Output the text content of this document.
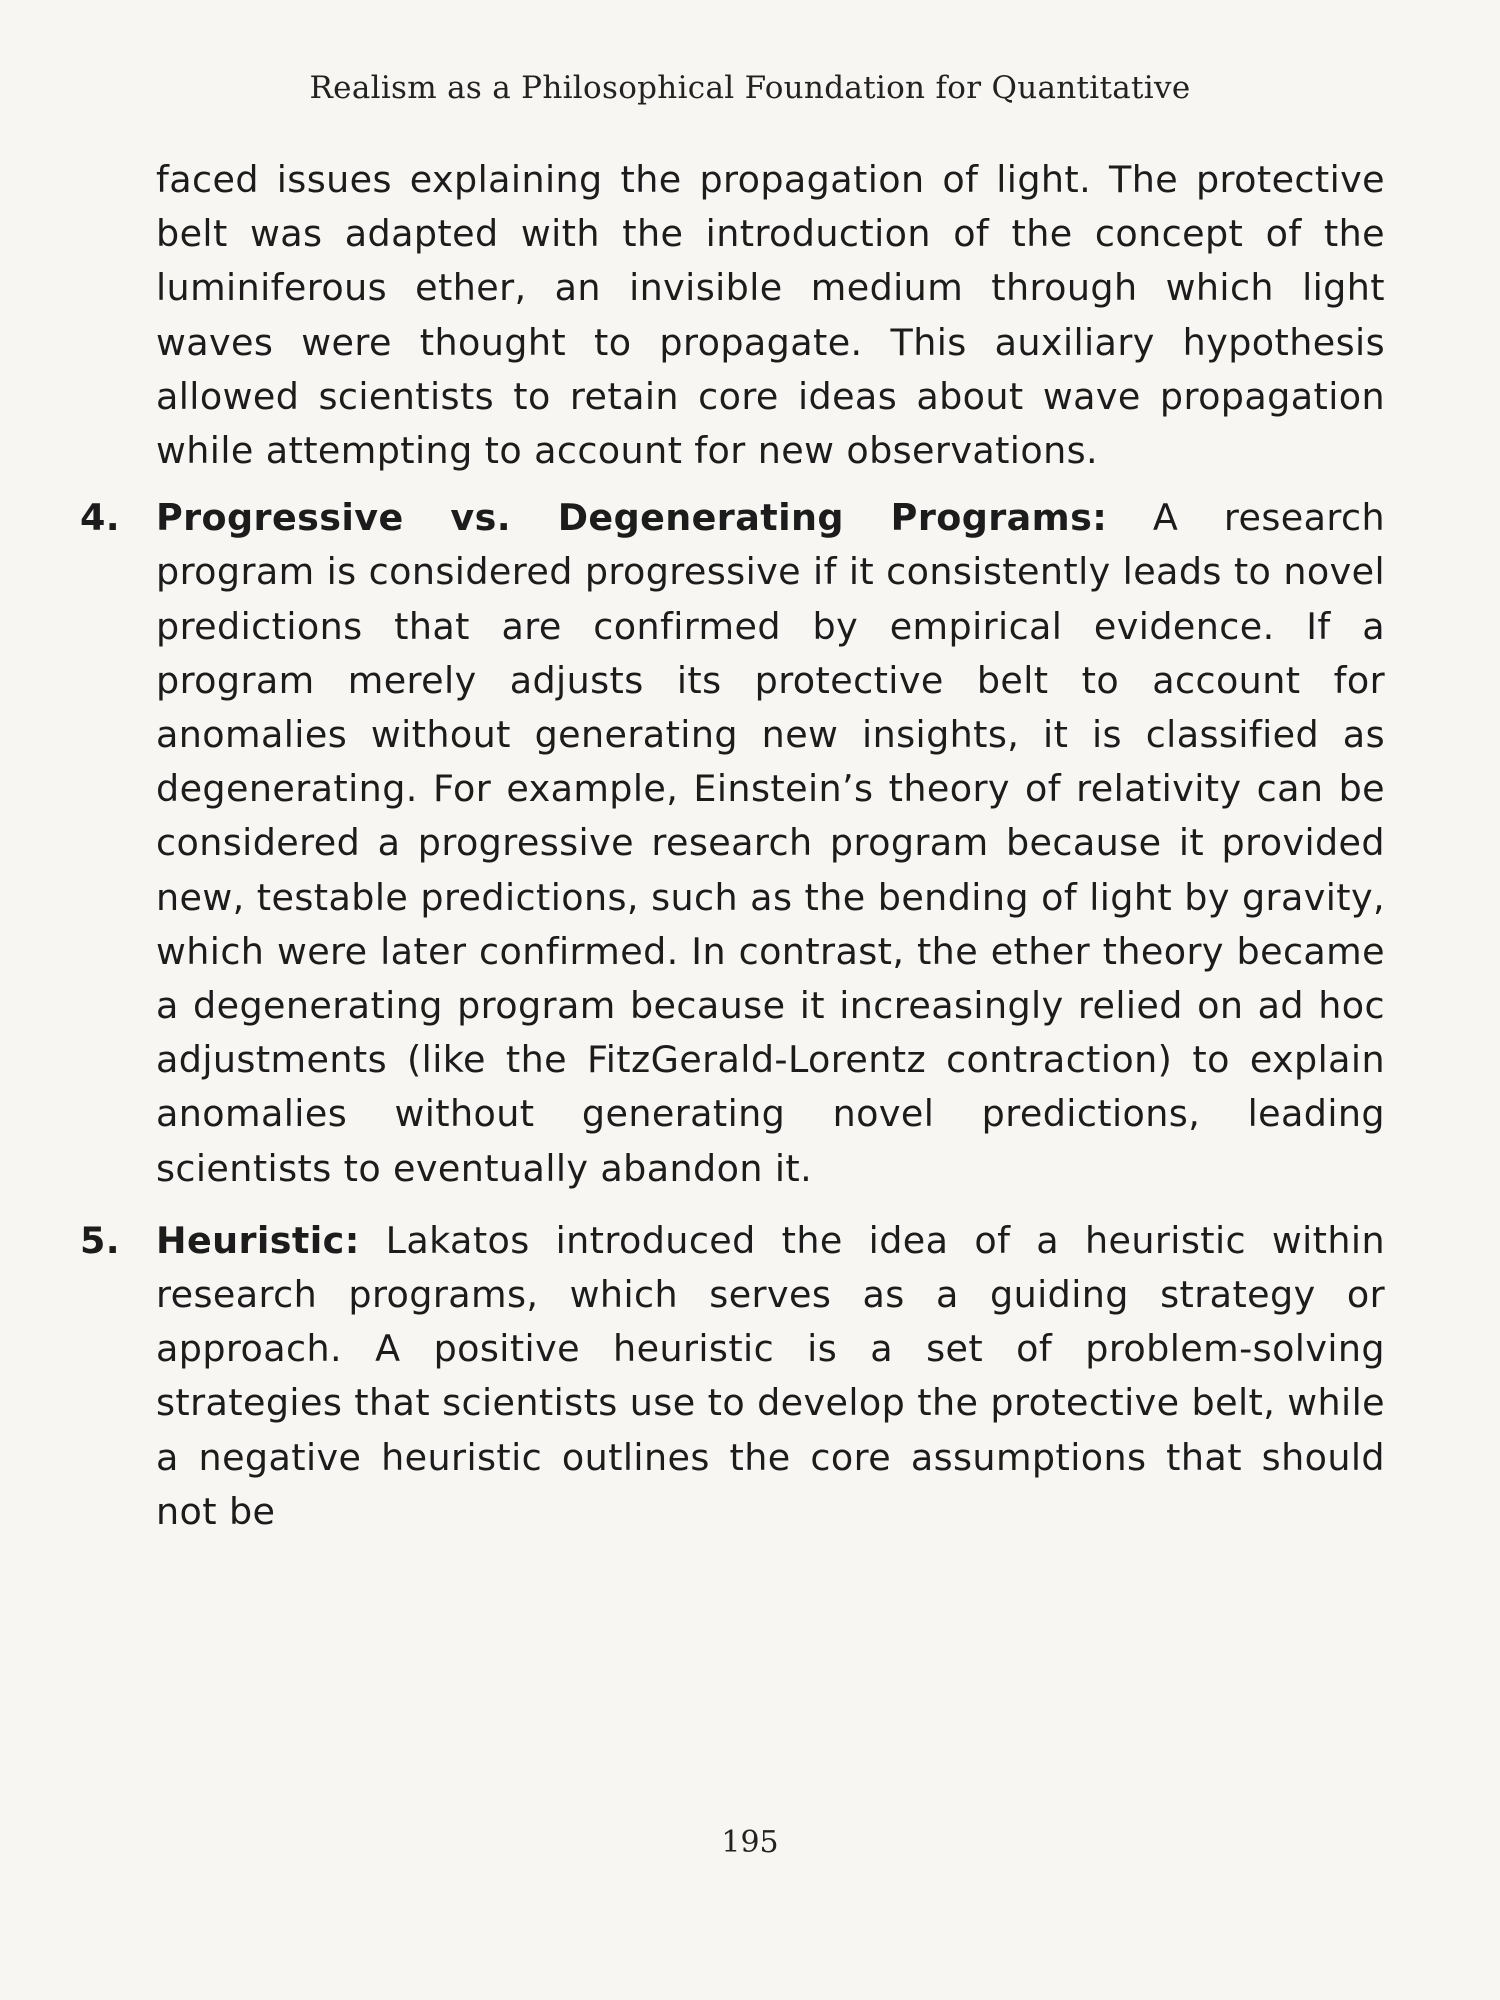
Realism as a Philosophical Foundation for Quantitative

faced issues explaining the propagation of light. The protective belt was adapted with the introduction of the concept of the luminiferous ether, an invisible medium through which light waves were thought to propagate. This auxiliary hypothesis allowed scientists to retain core ideas about wave propagation while attempting to account for new observations.

4. Progressive vs. Degenerating Programs: A research program is considered progressive if it consistently leads to novel predictions that are confirmed by empirical evidence. If a program merely adjusts its protective belt to account for anomalies without generating new insights, it is classified as degenerating. For example, Einstein’s theory of relativity can be considered a progressive research program because it provided new, testable predictions, such as the bending of light by gravity, which were later confirmed. In contrast, the ether theory became a degenerating program because it increasingly relied on ad hoc adjustments (like the FitzGerald-Lorentz contraction) to explain anomalies without generating novel predictions, leading scientists to eventually abandon it.

5. Heuristic: Lakatos introduced the idea of a heuristic within research programs, which serves as a guiding strategy or approach. A positive heuristic is a set of problem-solving strategies that scientists use to develop the protective belt, while a negative heuristic outlines the core assumptions that should not be

195
